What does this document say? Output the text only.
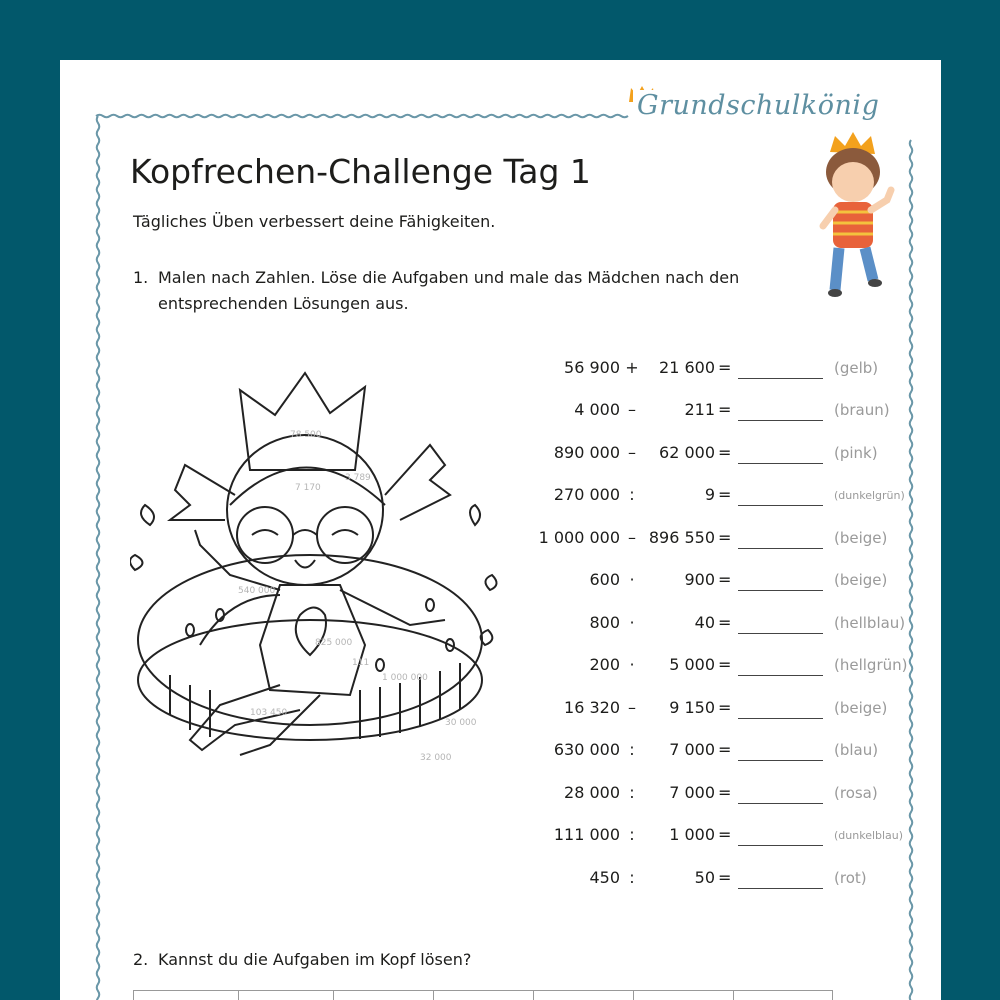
Grundschulkönig
Kopfrechen-Challenge Tag 1
Tägliches Üben verbessert deine Fähigkeiten.
1. Malen nach Zahlen. Löse die Aufgaben und male das Mädchen nach den entsprechenden Lösungen aus.
78 500
3 789
7 170
540 000
825 000
111
1 000 000
103 450
30 000
32 000
56 900 + 21 600 =	(gelb)
4 000 –	211 =	(braun)
890 000 – 62 000 =	(pink)
270 000 :	9 =	(dunkelgrün)
1 000 000 – 896 550 =	(beige)
600 ·	900 =	(beige)
800 ·	40 =	(hellblau)
200 · 5 000 =	(hellgrün)
16 320 – 9 150 =	(beige)
630 000 : 7 000 =	(blau)
28 000 : 7 000 =	(rosa)
111 000 : 1 000 =	(dunkelblau)
450 :	50 =	(rot)
2. Kannst du die Aufgaben im Kopf lösen?
